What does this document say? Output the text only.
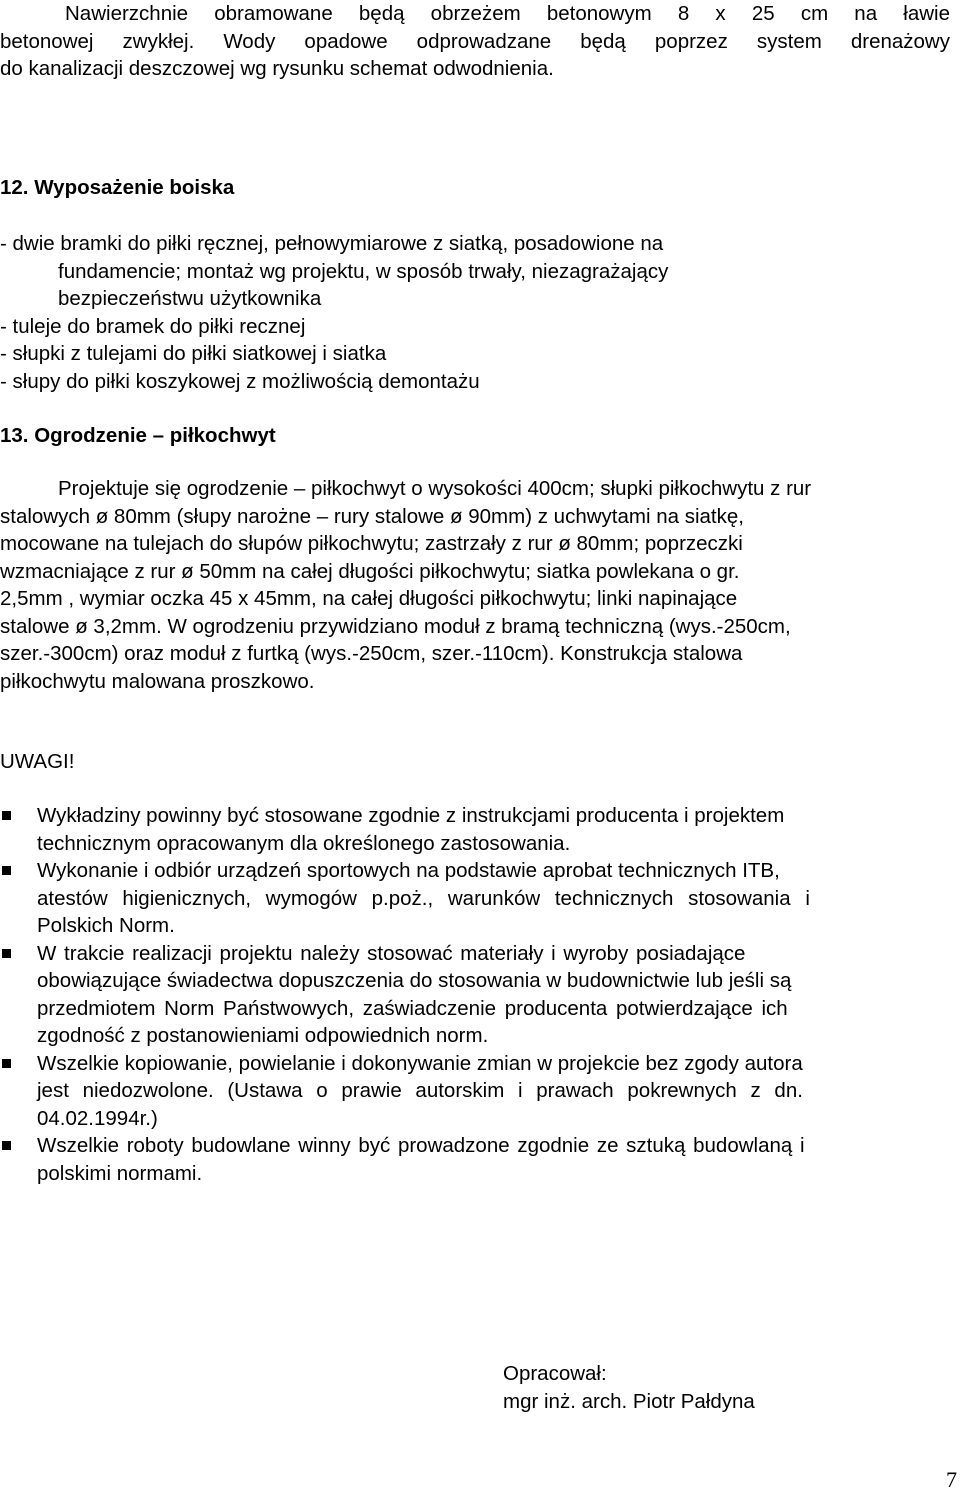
Nawierzchnie obramowane będą obrzeżem betonowym 8 x 25 cm na ławie
betonowej zwykłej. Wody opadowe odprowadzane będą poprzez system drenażowy
do kanalizacji deszczowej wg rysunku schemat odwodnienia.
12. Wyposażenie boiska
- dwie bramki do piłki ręcznej, pełnowymiarowe z siatką, posadowione na
fundamencie; montaż wg projektu, w sposób trwały, niezagrażający
bezpieczeństwu użytkownika
- tuleje do bramek do piłki recznej
- słupki z tulejami do piłki siatkowej i siatka
- słupy do piłki koszykowej z możliwością demontażu
13. Ogrodzenie – piłkochwyt
Projektuje się ogrodzenie – piłkochwyt o wysokości 400cm; słupki piłkochwytu z rur
stalowych ø 80mm (słupy narożne – rury stalowe ø 90mm) z uchwytami na siatkę,
mocowane na tulejach do słupów piłkochwytu; zastrzały z rur ø 80mm; poprzeczki
wzmacniające z rur ø 50mm na całej długości piłkochwytu; siatka powlekana o gr.
2,5mm , wymiar oczka 45 x 45mm, na całej długości piłkochwytu; linki napinające
stalowe ø 3,2mm. W ogrodzeniu przywidziano moduł z bramą techniczną (wys.-250cm,
szer.-300cm) oraz moduł z furtką (wys.-250cm, szer.-110cm). Konstrukcja stalowa
piłkochwytu malowana proszkowo.
UWAGI!
Wykładziny powinny być stosowane zgodnie z instrukcjami producenta i projektem
technicznym opracowanym dla określonego zastosowania.
Wykonanie i odbiór urządzeń sportowych na podstawie aprobat technicznych ITB,
atestów higienicznych, wymogów p.poż., warunków technicznych stosowania i
Polskich Norm.
W trakcie realizacji projektu należy stosować materiały i wyroby posiadające
obowiązujące świadectwa dopuszczenia do stosowania w budownictwie lub jeśli są
przedmiotem Norm Państwowych, zaświadczenie producenta potwierdzające ich
zgodność z postanowieniami odpowiednich norm.
Wszelkie kopiowanie, powielanie i dokonywanie zmian w projekcie bez zgody autora
jest niedozwolone. (Ustawa o prawie autorskim i prawach pokrewnych z dn.
04.02.1994r.)
Wszelkie roboty budowlane winny być prowadzone zgodnie ze sztuką budowlaną i
polskimi normami.
Opracował:
mgr inż. arch. Piotr Pałdyna
7
